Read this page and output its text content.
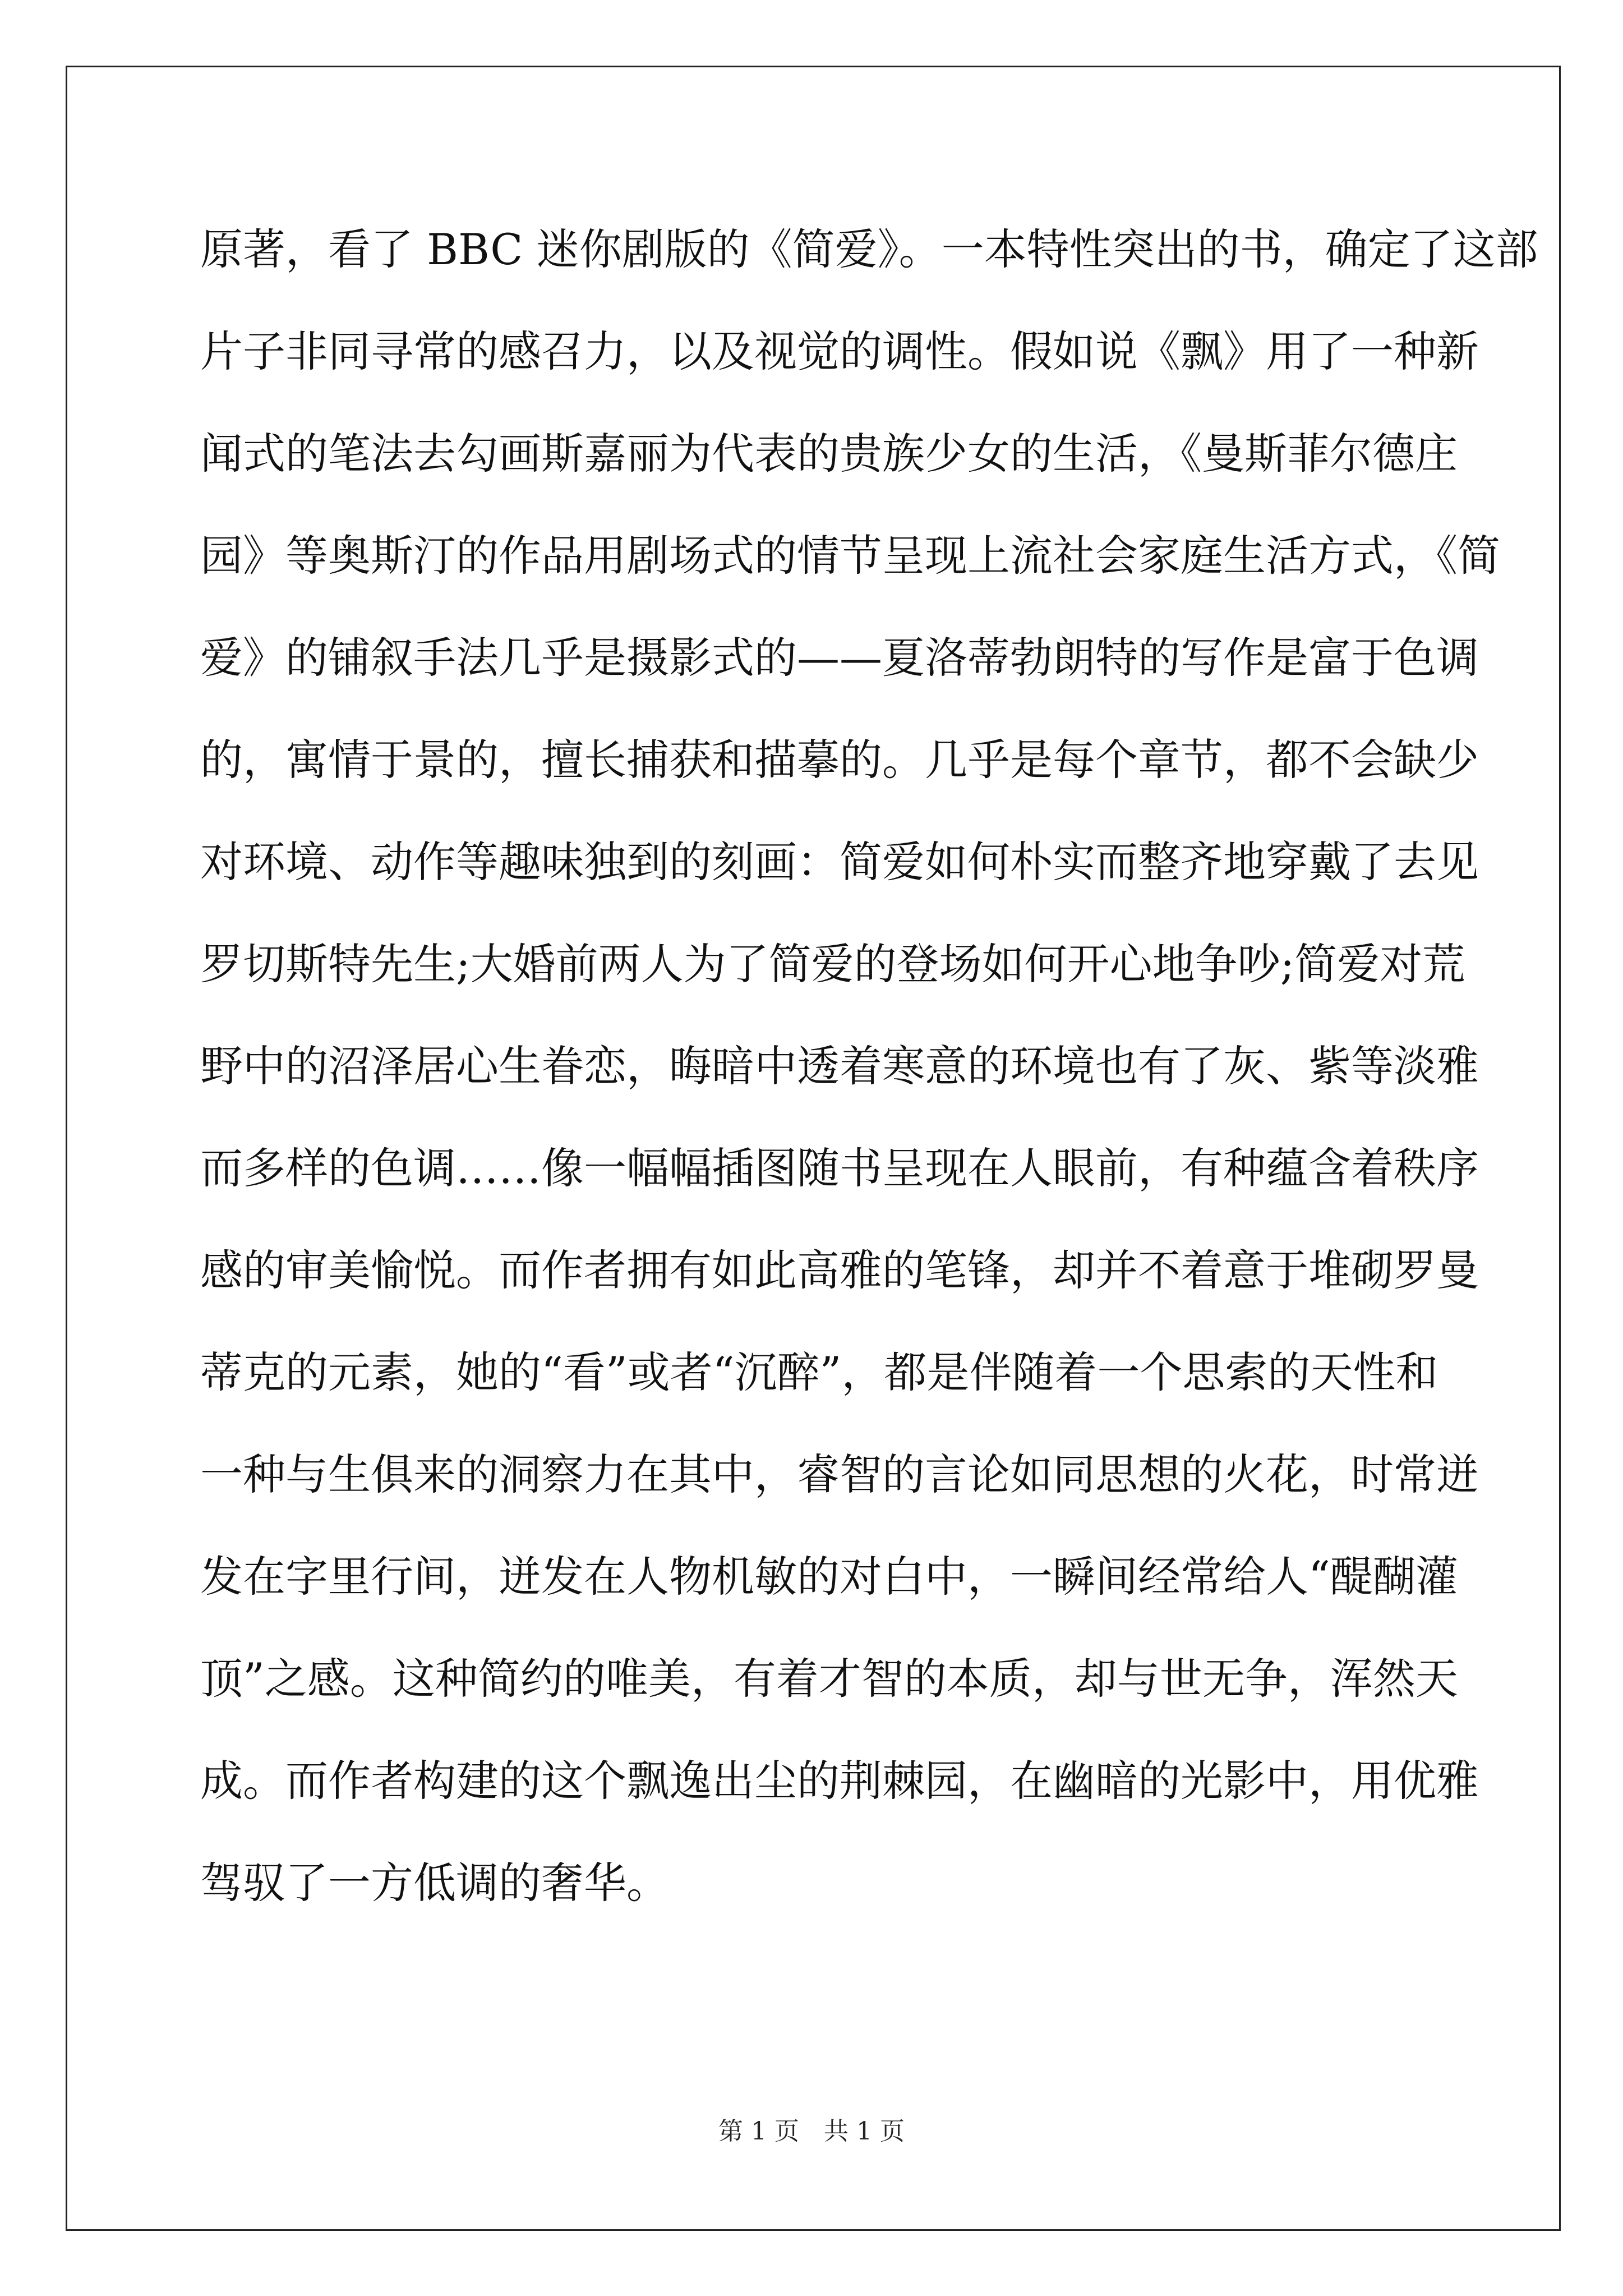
原著，看了 BBC 迷你剧版的《简爱》。一本特性突出的书，确定了这部
片子非同寻常的感召力，以及视觉的调性。假如说《飘》用了一种新
闻式的笔法去勾画斯嘉丽为代表的贵族少女的生活，《曼斯菲尔德庄
园》等奥斯汀的作品用剧场式的情节呈现上流社会家庭生活方式，《简
爱》的铺叙手法几乎是摄影式的——夏洛蒂勃朗特的写作是富于色调
的，寓情于景的，擅长捕获和描摹的。几乎是每个章节，都不会缺少
对环境、动作等趣味独到的刻画：简爱如何朴实而整齐地穿戴了去见
罗切斯特先生;大婚前两人为了简爱的登场如何开心地争吵;简爱对荒
野中的沼泽居心生眷恋，晦暗中透着寒意的环境也有了灰、紫等淡雅
而多样的色调……像一幅幅插图随书呈现在人眼前，有种蕴含着秩序
感的审美愉悦。而作者拥有如此高雅的笔锋，却并不着意于堆砌罗曼
蒂克的元素，她的“看”或者“沉醉”，都是伴随着一个思索的天性和
一种与生俱来的洞察力在其中，睿智的言论如同思想的火花，时常迸
发在字里行间，迸发在人物机敏的对白中，一瞬间经常给人“醍醐灌
顶”之感。这种简约的唯美，有着才智的本质，却与世无争，浑然天
成。而作者构建的这个飘逸出尘的荆棘园，在幽暗的光影中，用优雅
驾驭了一方低调的奢华。
第 1 页　共 1 页
